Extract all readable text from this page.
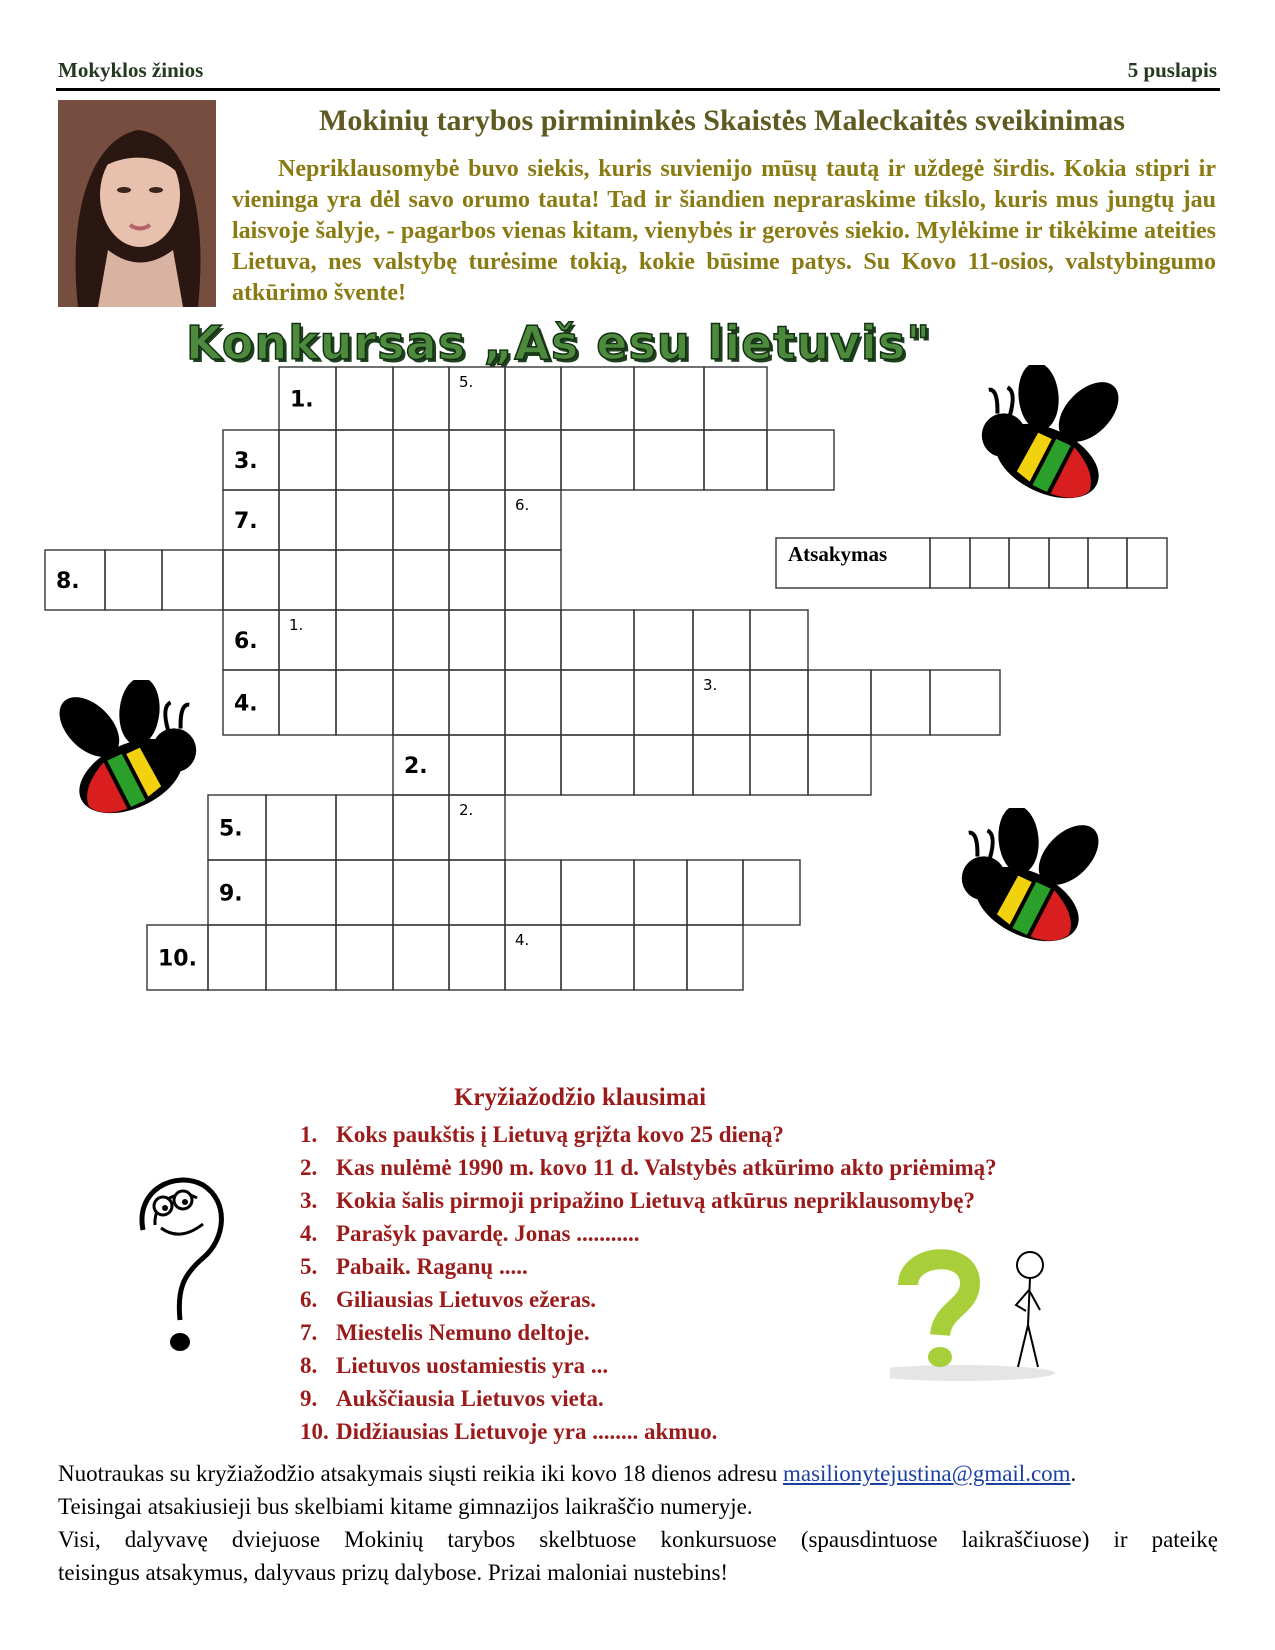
Mokyklos žinios	5 puslapis
Mokinių tarybos pirmininkės Skaistės Maleckaitės sveikinimas
Nepriklausomybė buvo siekis, kuris suvienijo mūsų tautą ir uždegė širdis. Kokia stipri ir vieninga yra dėl savo orumo tauta! Tad ir šiandien nepraraskime tikslo, kuris mus jungtų jau laisvoje šalyje, - pagarbos vienas kitam, vienybės ir gerovės siekio. Mylėkime ir tikėkime ateities Lietuva, nes valstybę turėsime tokią, kokie būsime patys. Su Kovo 11-osios, valstybingumo atkūrimo švente!
Konkursas „Aš esu lietuvis"
1.
5.
3.
7.
6.
8.
6.
1.
4.
3.
2.
5.
2.
9.
10.
4.
Atsakymas
Kryžiažodžio klausimai
1. Koks paukštis į Lietuvą grįžta kovo 25 dieną?
2. Kas nulėmė 1990 m. kovo 11 d. Valstybės atkūrimo akto priėmimą?
3. Kokia šalis pirmoji pripažino Lietuvą atkūrus nepriklausomybę?
4. Parašyk pavardę. Jonas ...........
5. Pabaik. Raganų .....
6. Giliausias Lietuvos ežeras.
7. Miestelis Nemuno deltoje.
8. Lietuvos uostamiestis yra ...
9. Aukščiausia Lietuvos vieta.
10. Didžiausias Lietuvoje yra ........ akmuo.

Nuotraukas su kryžiažodžio atsakymais siųsti reikia iki kovo 18 dienos adresu masilionytejustina@gmail.com.

Teisingai atsakiusieji bus skelbiami kitame gimnazijos laikraščio numeryje.

Visi, dalyvavę dviejuose Mokinių tarybos skelbtuose konkursuose (spausdintuose laikraščiuose) ir pateikę

teisingus atsakymus, dalyvaus prizų dalybose. Prizai maloniai nustebins!
